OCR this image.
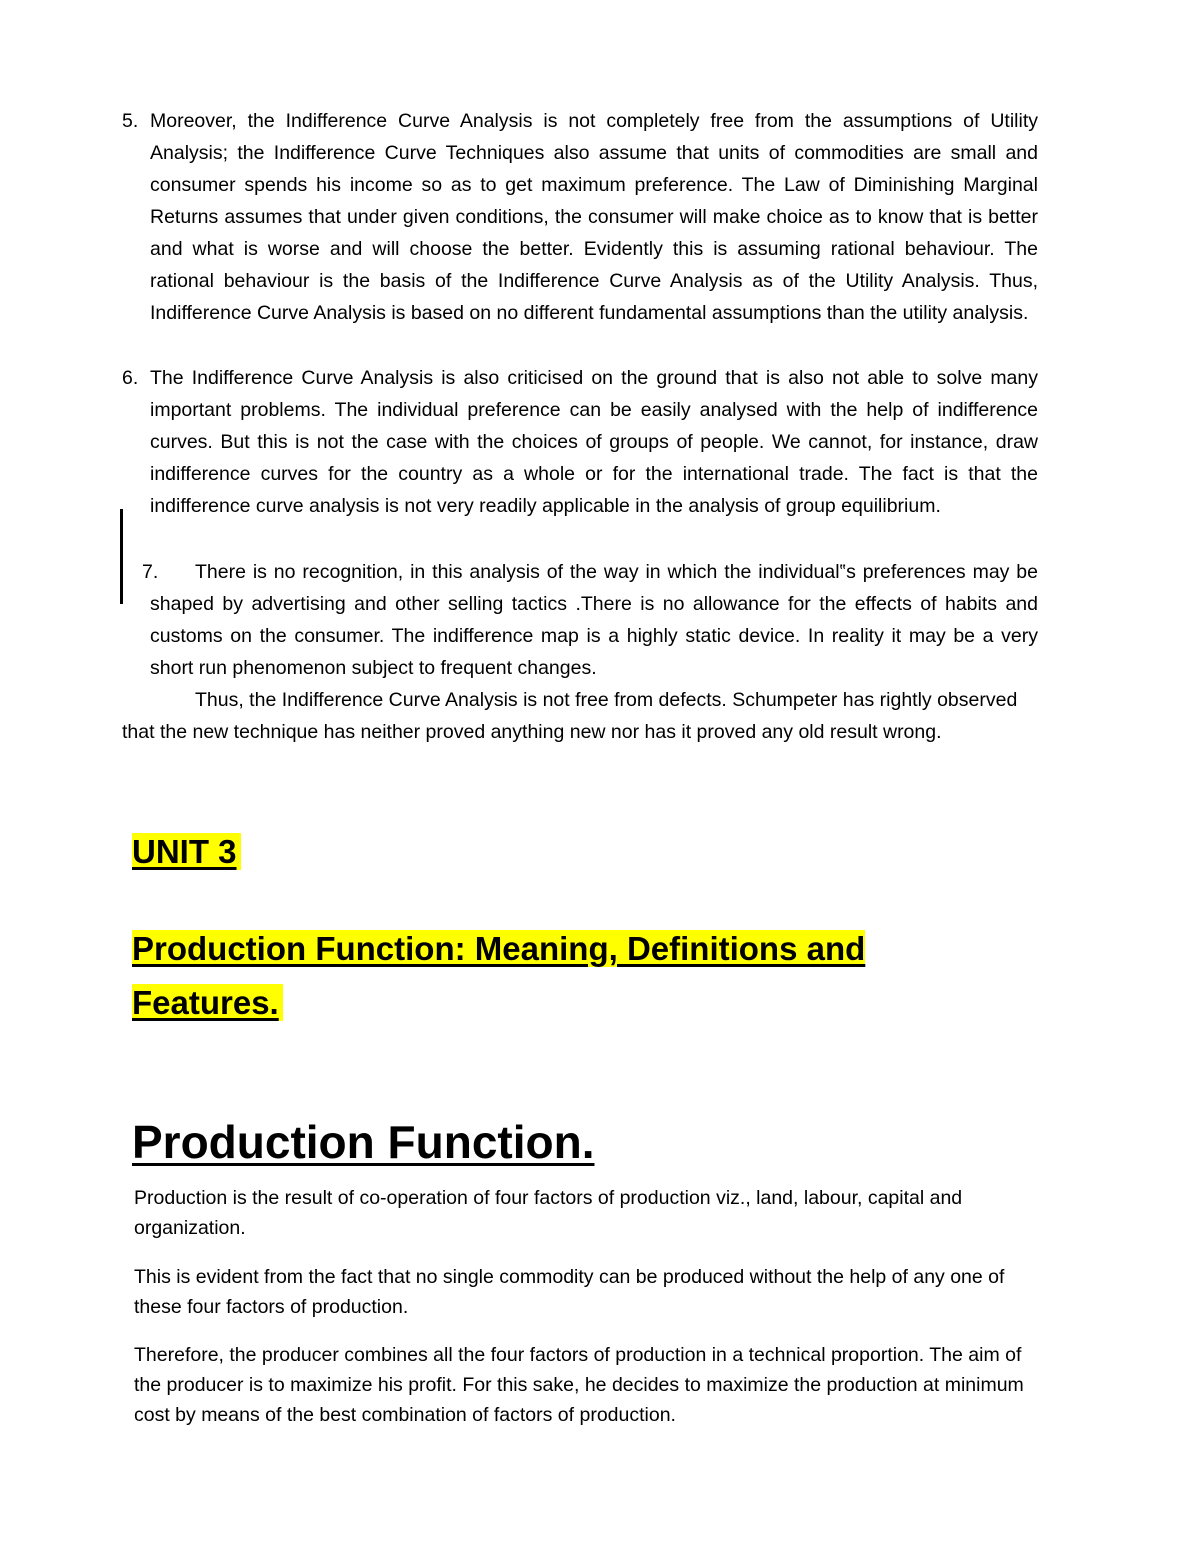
5. Moreover, the Indifference Curve Analysis is not completely free from the assumptions of Utility Analysis; the Indifference Curve Techniques also assume that units of commodities are small and consumer spends his income so as to get maximum preference. The Law of Diminishing Marginal Returns assumes that under given conditions, the consumer will make choice as to know that is better and what is worse and will choose the better. Evidently this is assuming rational behaviour. The rational behaviour is the basis of the Indifference Curve Analysis as of the Utility Analysis. Thus, Indifference Curve Analysis is based on no different fundamental assumptions than the utility analysis.
6. The Indifference Curve Analysis is also criticised on the ground that is also not able to solve many important problems. The individual preference can be easily analysed with the help of indifference curves. But this is not the case with the choices of groups of people. We cannot, for instance, draw indifference curves for the country as a whole or for the international trade. The fact is that the indifference curve analysis is not very readily applicable in the analysis of group equilibrium.
7. There is no recognition, in this analysis of the way in which the individual‟s preferences may be shaped by advertising and other selling tactics .There is no allowance for the effects of habits and customs on the consumer. The indifference map is a highly static device. In reality it may be a very short run phenomenon subject to frequent changes.

Thus, the Indifference Curve Analysis is not free from defects. Schumpeter has rightly observed that the new technique has neither proved anything new nor has it proved any old result wrong.

UNIT 3
Production Function: Meaning, Definitions and Features.
Production Function.

Production is the result of co-operation of four factors of production viz., land, labour, capital and organization.

This is evident from the fact that no single commodity can be produced without the help of any one of these four factors of production.

Therefore, the producer combines all the four factors of production in a technical proportion. The aim of the producer is to maximize his profit. For this sake, he decides to maximize the production at minimum cost by means of the best combination of factors of production.
